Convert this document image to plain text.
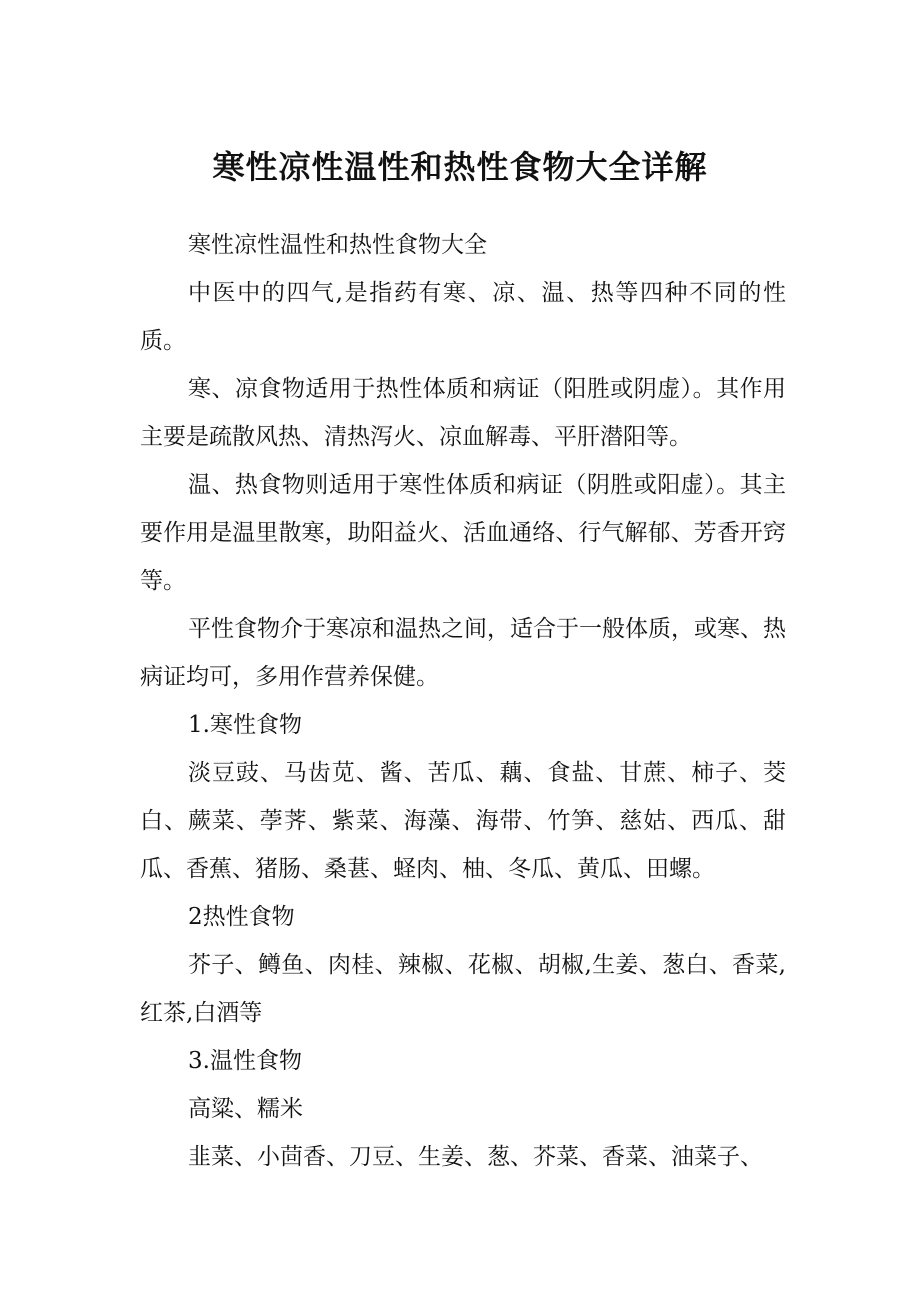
寒性凉性温性和热性食物大全详解

寒性凉性温性和热性食物大全

中医中的四气,是指药有寒、凉、温、热等四种不同的性质。

寒、凉食物适用于热性体质和病证（阳胜或阴虚）。其作用主要是疏散风热、清热泻火、凉血解毒、平肝潜阳等。

温、热食物则适用于寒性体质和病证（阴胜或阳虚）。其主要作用是温里散寒，助阳益火、活血通络、行气解郁、芳香开窍等。

平性食物介于寒凉和温热之间，适合于一般体质，或寒、热病证均可，多用作营养保健。

1.寒性食物

淡豆豉、马齿苋、酱、苦瓜、藕、食盐、甘蔗、柿子、茭白、蕨菜、荸荠、紫菜、海藻、海带、竹笋、慈姑、西瓜、甜瓜、香蕉、猪肠、桑葚、蛏肉、柚、冬瓜、黄瓜、田螺。

2热性食物

芥子、鳟鱼、肉桂、辣椒、花椒、胡椒,生姜、葱白、香菜, 红茶,白酒等

3.温性食物

高粱、糯米

韭菜、小茴香、刀豆、生姜、葱、芥菜、香菜、油菜子、
